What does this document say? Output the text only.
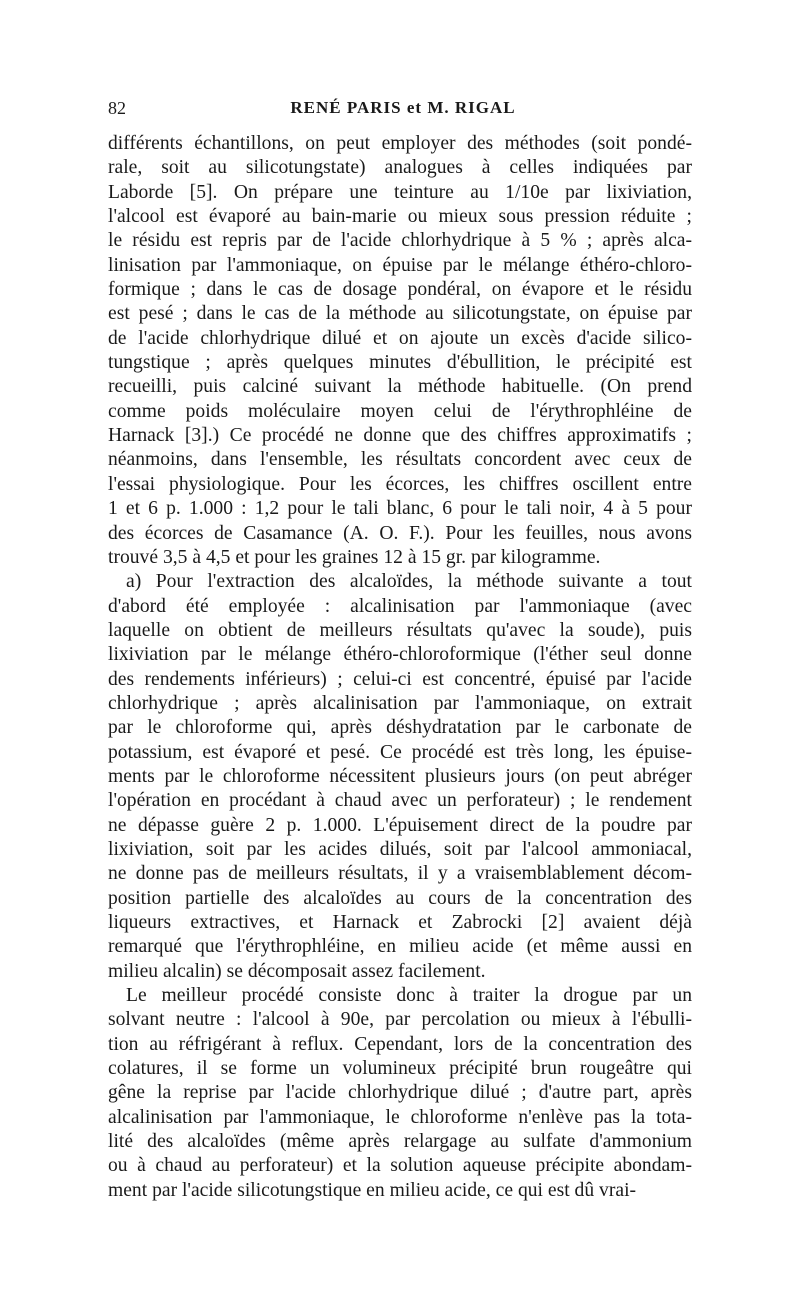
82	RENÉ PARIS et M. RIGAL
différents échantillons, on peut employer des méthodes (soit pondé-
rale, soit au silicotungstate) analogues à celles indiquées par
Laborde [5]. On prépare une teinture au 1/10e par lixiviation,
l'alcool est évaporé au bain-marie ou mieux sous pression réduite ;
le résidu est repris par de l'acide chlorhydrique à 5 % ; après alca-
linisation par l'ammoniaque, on épuise par le mélange éthéro-chloro-
formique ; dans le cas de dosage pondéral, on évapore et le résidu
est pesé ; dans le cas de la méthode au silicotungstate, on épuise par
de l'acide chlorhydrique dilué et on ajoute un excès d'acide silico-
tungstique ; après quelques minutes d'ébullition, le précipité est
recueilli, puis calciné suivant la méthode habituelle. (On prend
comme poids moléculaire moyen celui de l'érythrophléine de
Harnack [3].) Ce procédé ne donne que des chiffres approximatifs ;
néanmoins, dans l'ensemble, les résultats concordent avec ceux de
l'essai physiologique. Pour les écorces, les chiffres oscillent entre
1 et 6 p. 1.000 : 1,2 pour le tali blanc, 6 pour le tali noir, 4 à 5 pour
des écorces de Casamance (A. O. F.). Pour les feuilles, nous avons
trouvé 3,5 à 4,5 et pour les graines 12 à 15 gr. par kilogramme.
a) Pour l'extraction des alcaloïdes, la méthode suivante a tout
d'abord été employée : alcalinisation par l'ammoniaque (avec
laquelle on obtient de meilleurs résultats qu'avec la soude), puis
lixiviation par le mélange éthéro-chloroformique (l'éther seul donne
des rendements inférieurs) ; celui-ci est concentré, épuisé par l'acide
chlorhydrique ; après alcalinisation par l'ammoniaque, on extrait
par le chloroforme qui, après déshydratation par le carbonate de
potassium, est évaporé et pesé. Ce procédé est très long, les épuise-
ments par le chloroforme nécessitent plusieurs jours (on peut abréger
l'opération en procédant à chaud avec un perforateur) ; le rendement
ne dépasse guère 2 p. 1.000. L'épuisement direct de la poudre par
lixiviation, soit par les acides dilués, soit par l'alcool ammoniacal,
ne donne pas de meilleurs résultats, il y a vraisemblablement décom-
position partielle des alcaloïdes au cours de la concentration des
liqueurs extractives, et Harnack et Zabrocki [2] avaient déjà
remarqué que l'érythrophléine, en milieu acide (et même aussi en
milieu alcalin) se décomposait assez facilement.
Le meilleur procédé consiste donc à traiter la drogue par un
solvant neutre : l'alcool à 90e, par percolation ou mieux à l'ébulli-
tion au réfrigérant à reflux. Cependant, lors de la concentration des
colatures, il se forme un volumineux précipité brun rougeâtre qui
gêne la reprise par l'acide chlorhydrique dilué ; d'autre part, après
alcalinisation par l'ammoniaque, le chloroforme n'enlève pas la tota-
lité des alcaloïdes (même après relargage au sulfate d'ammonium
ou à chaud au perforateur) et la solution aqueuse précipite abondam-
ment par l'acide silicotungstique en milieu acide, ce qui est dû vrai-
